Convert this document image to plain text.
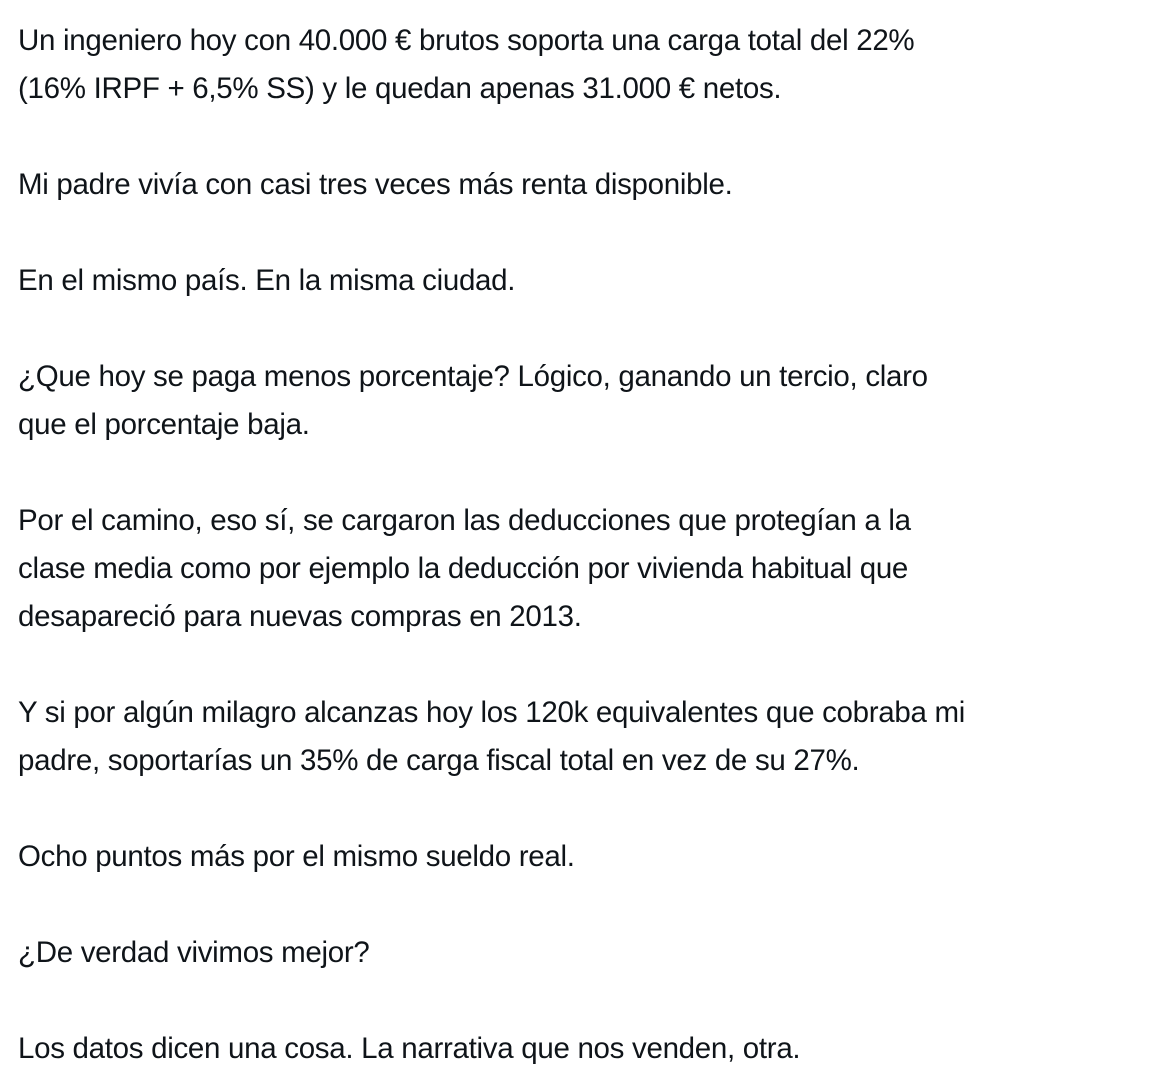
Un ingeniero hoy con 40.000 € brutos soporta una carga total del 22%
(16% IRPF + 6,5% SS) y le quedan apenas 31.000 € netos.

Mi padre vivía con casi tres veces más renta disponible.

En el mismo país. En la misma ciudad.

¿Que hoy se paga menos porcentaje? Lógico, ganando un tercio, claro
que el porcentaje baja.

Por el camino, eso sí, se cargaron las deducciones que protegían a la
clase media como por ejemplo la deducción por vivienda habitual que
desapareció para nuevas compras en 2013.

Y si por algún milagro alcanzas hoy los 120k equivalentes que cobraba mi
padre, soportarías un 35% de carga fiscal total en vez de su 27%.

Ocho puntos más por el mismo sueldo real.

¿De verdad vivimos mejor?

Los datos dicen una cosa. La narrativa que nos venden, otra.
